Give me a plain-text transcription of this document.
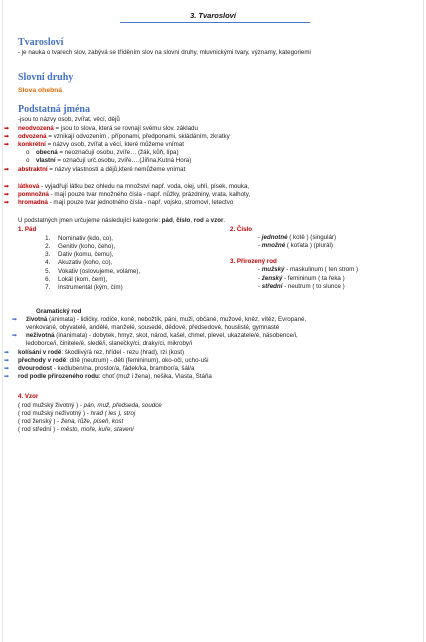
3. Tvarosloví
Tvarosloví

- je nauka o tvarech slov, zabývá se tříděním slov na slovní druhy, mluvnickými tvary, významy, kategoriemi

Slovní druhy
Slova ohebná
Podstatná jména

-jsou to názvy osob, zvířat, věcí, dějů

➡ neodvozená = jsou to slova, která se rovnají svému slov. základu
➡ odvozená = vznikají odvozením , příponami, předponami, skládáním, zkratky
➡ konkrétní = názvy osob, zvířat a věcí, které můžeme vnímat
o obecná = neoznačují osobu, zvíře… (žák, kůň, lípa)
o vlastní = označují urč.osobu, zvíře….(Jiřina,Kutná Hora)
➡ abstraktní = názvy vlastností a dějů,které nemůžeme vnímat
➡ látková - vyjadřují látku bez ohledu na množství např. voda, olej, uhlí, písek, mouka,
➡ pomnožná - mají pouze tvar množného čísla - např. nůžky, prázdniny, vrata, kalhoty,
➡ hromadná - mají pouze tvar jednotného čísla - např. vojsko, stromoví, letectvo

U podstatných jmen určujeme následující kategorie: pád, číslo, rod a vzor.

1. Pád
1. Nominativ (kdo, co),
2. Genitiv (koho, čeho),
3. Dativ (komu, čemu),
4. Akuzativ (koho, co),
5. Vokativ (oslovujeme, voláme),
6. Lokál (kom, čem),
7. Instrumentál (kým, čím)
2. Číslo
- jednotné ( kotě ) (singulár)
- množné ( koťata ) (plurál)
3. Přirozený rod
- mužský - maskulinum ( ten strom )
- ženský - femininum ( ta řeka )
- střední - neutrum ( to slunce )
Gramatický rod
➡ životná (animata) - lidičky, rodiče, koně, nebožtík, páni, muži, občané, mužové, kněz, vítěz, Evropané,
venkované, obyvatelé, andělé, manželé, sousedé, dědové, předsedové, houslisté, gymnasté
➡ neživotná (inanimata) - dobytek, hmyz, skot, národ, kašel, chmel, plevel, ukazatele/é, násobence/i,
ledoborce/i, činitele/é, sledě/i, slanečky/ci, draky/ci, mikroby/i
➡ kolísání v rodě: škodlivý/á rez, hřídel - rezu (hrad), rzi (kost)
➡ přechody v rodě: dítě (neutrum) - děti (femininum), oko-oči, ucho-uši
➡ dvourodost - kedluben/na, prostor/a, řádek/ka, brambor/a, šál/a
➡ rod podle přirozeného rodu: choť (muž i žena), nešika, Vlasta, Stáňa
4. Vzor
( rod mužský životný ) - pán, muž, předseda, soudce
( rod mužský neživotný ) - hrad ( les ), stroj
( rod ženský ) - žena, růže, píseň, kost
( rod střední ) - město, moře, kuře, stavení
